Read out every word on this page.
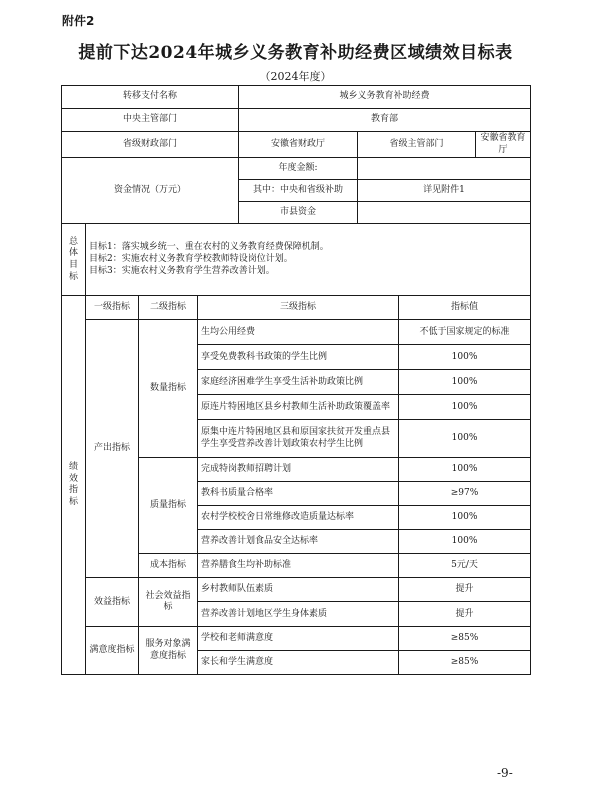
附件2
提前下达2024年城乡义务教育补助经费区域绩效目标表
（2024年度）
转移支付名称				城乡义务教育补助经费			
中央主管部门				教育部			
省级财政部门				安徽省财政厅	省级主管部门		安徽省教育厅
资金情况（万元）				年度金额:			
				其中：中央和省级补助	详见附件1		
				市县资金			
总体目标	目标1：落实城乡统一、重在农村的义务教育经费保障机制。
目标2：实施农村义务教育学校教师特设岗位计划。
目标3：实施农村义务教育学生营养改善计划。						

绩效指标	一级指标	二级指标	三级指标			指标值	
	产出指标	数量指标	生均公用经费			不低于国家规定的标准	
			享受免费教科书政策的学生比例			100%	
			家庭经济困难学生享受生活补助政策比例			100%	
			原连片特困地区县乡村教师生活补助政策覆盖率			100%	
			原集中连片特困地区县和原国家扶贫开发重点县学生享受营养改善计划政策农村学生比例			100%	
		质量指标	完成特岗教师招聘计划			100%	
			教科书质量合格率			≥97%	
			农村学校校舍日常维修改造质量达标率			100%	
			营养改善计划食品安全达标率			100%	
		成本指标	营养膳食生均补助标准			5元/天	
	效益指标	社会效益指标	乡村教师队伍素质			提升	
			营养改善计划地区学生身体素质			提升	
	满意度指标	服务对象满意度指标	学校和老师满意度			≥85%	
			家长和学生满意度			≥85%	
-9-
